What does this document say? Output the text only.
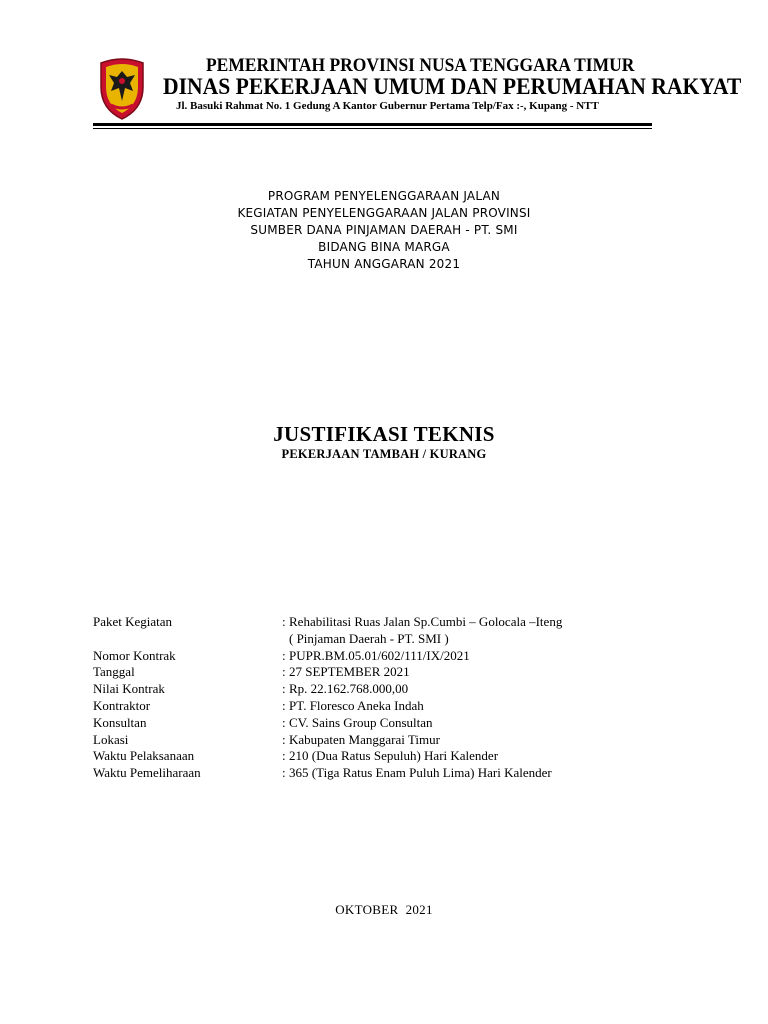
PEMERINTAH PROVINSI NUSA TENGGARA TIMUR
DINAS PEKERJAAN UMUM DAN PERUMAHAN RAKYAT
Jl. Basuki Rahmat No. 1 Gedung A Kantor Gubernur Pertama Telp/Fax :-, Kupang - NTT
PROGRAM PENYELENGGARAAN JALAN
KEGIATAN PENYELENGGARAAN JALAN PROVINSI
SUMBER DANA PINJAMAN DAERAH - PT. SMI
BIDANG BINA MARGA
TAHUN ANGGARAN 2021
JUSTIFIKASI TEKNIS
PEKERJAAN TAMBAH / KURANG
Paket Kegiatan	: Rehabilitasi Ruas Jalan Sp.Cumbi – Golocala –Iteng
( Pinjaman Daerah - PT. SMI )
Nomor Kontrak	: PUPR.BM.05.01/602/111/IX/2021
Tanggal	: 27 SEPTEMBER 2021
Nilai Kontrak	: Rp. 22.162.768.000,00
Kontraktor	: PT. Floresco Aneka Indah
Konsultan	: CV. Sains Group Consultan
Lokasi	: Kabupaten Manggarai Timur
Waktu Pelaksanaan	: 210 (Dua Ratus Sepuluh) Hari Kalender
Waktu Pemeliharaan	: 365 (Tiga Ratus Enam Puluh Lima) Hari Kalender
OKTOBER  2021
